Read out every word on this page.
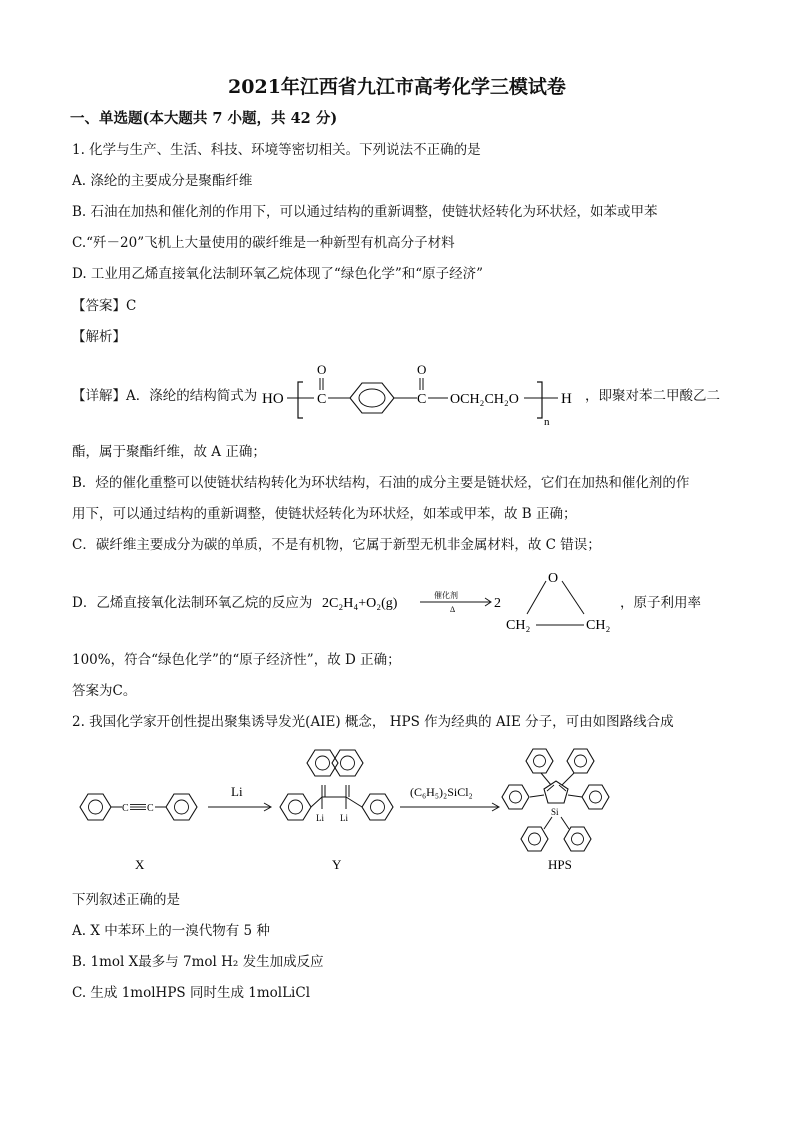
2021年江西省九江市高考化学三模试卷
一、单选题(本大题共 7 小题，共 42 分)
1. 化学与生产、生活、科技、环境等密切相关。下列说法不正确的是
A. 涤纶的主要成分是聚酯纤维
B. 石油在加热和催化剂的作用下，可以通过结构的重新调整，使链状烃转化为环状烃，如苯或甲苯
C.“歼－20”飞机上大量使用的碳纤维是一种新型有机高分子材料
D. 工业用乙烯直接氧化法制环氧乙烷体现了“绿色化学”和“原子经济”
【答案】C
【解析】
【详解】A．涤纶的结构简式为 HO C
O
C
O
OCH₂CH₂O
n
H ，即聚对苯二甲酸乙二
酯，属于聚酯纤维，故 A 正确；
B．烃的催化重整可以使链状结构转化为环状结构，石油的成分主要是链状烃，它们在加热和催化剂的作
用下，可以通过结构的重新调整，使链状烃转化为环状烃，如苯或甲苯，故 B 正确；
C．碳纤维主要成分为碳的单质，不是有机物，它属于新型无机非金属材料，故 C 错误；
D．乙烯直接氧化法制环氧乙烷的反应为 2C₂H₄+O₂(g)
催化剂
Δ	2
O
CH₂	CH₂
，原子利用率
100%，符合“绿色化学”的“原子经济性”，故 D 正确；
答案为C。
2. 我国化学家开创性提出聚集诱导发光(AIE) 概念， HPS 作为经典的 AIE 分子，可由如图路线合成
C C
Li
Li Li
(C₆H₅)₂SiCl₂
Si
X	Y	HPS
下列叙述正确的是
A. X 中苯环上的一溴代物有 5 种
B. 1mol X最多与 7mol H₂ 发生加成反应
C. 生成 1molHPS 同时生成 1molLiCl
